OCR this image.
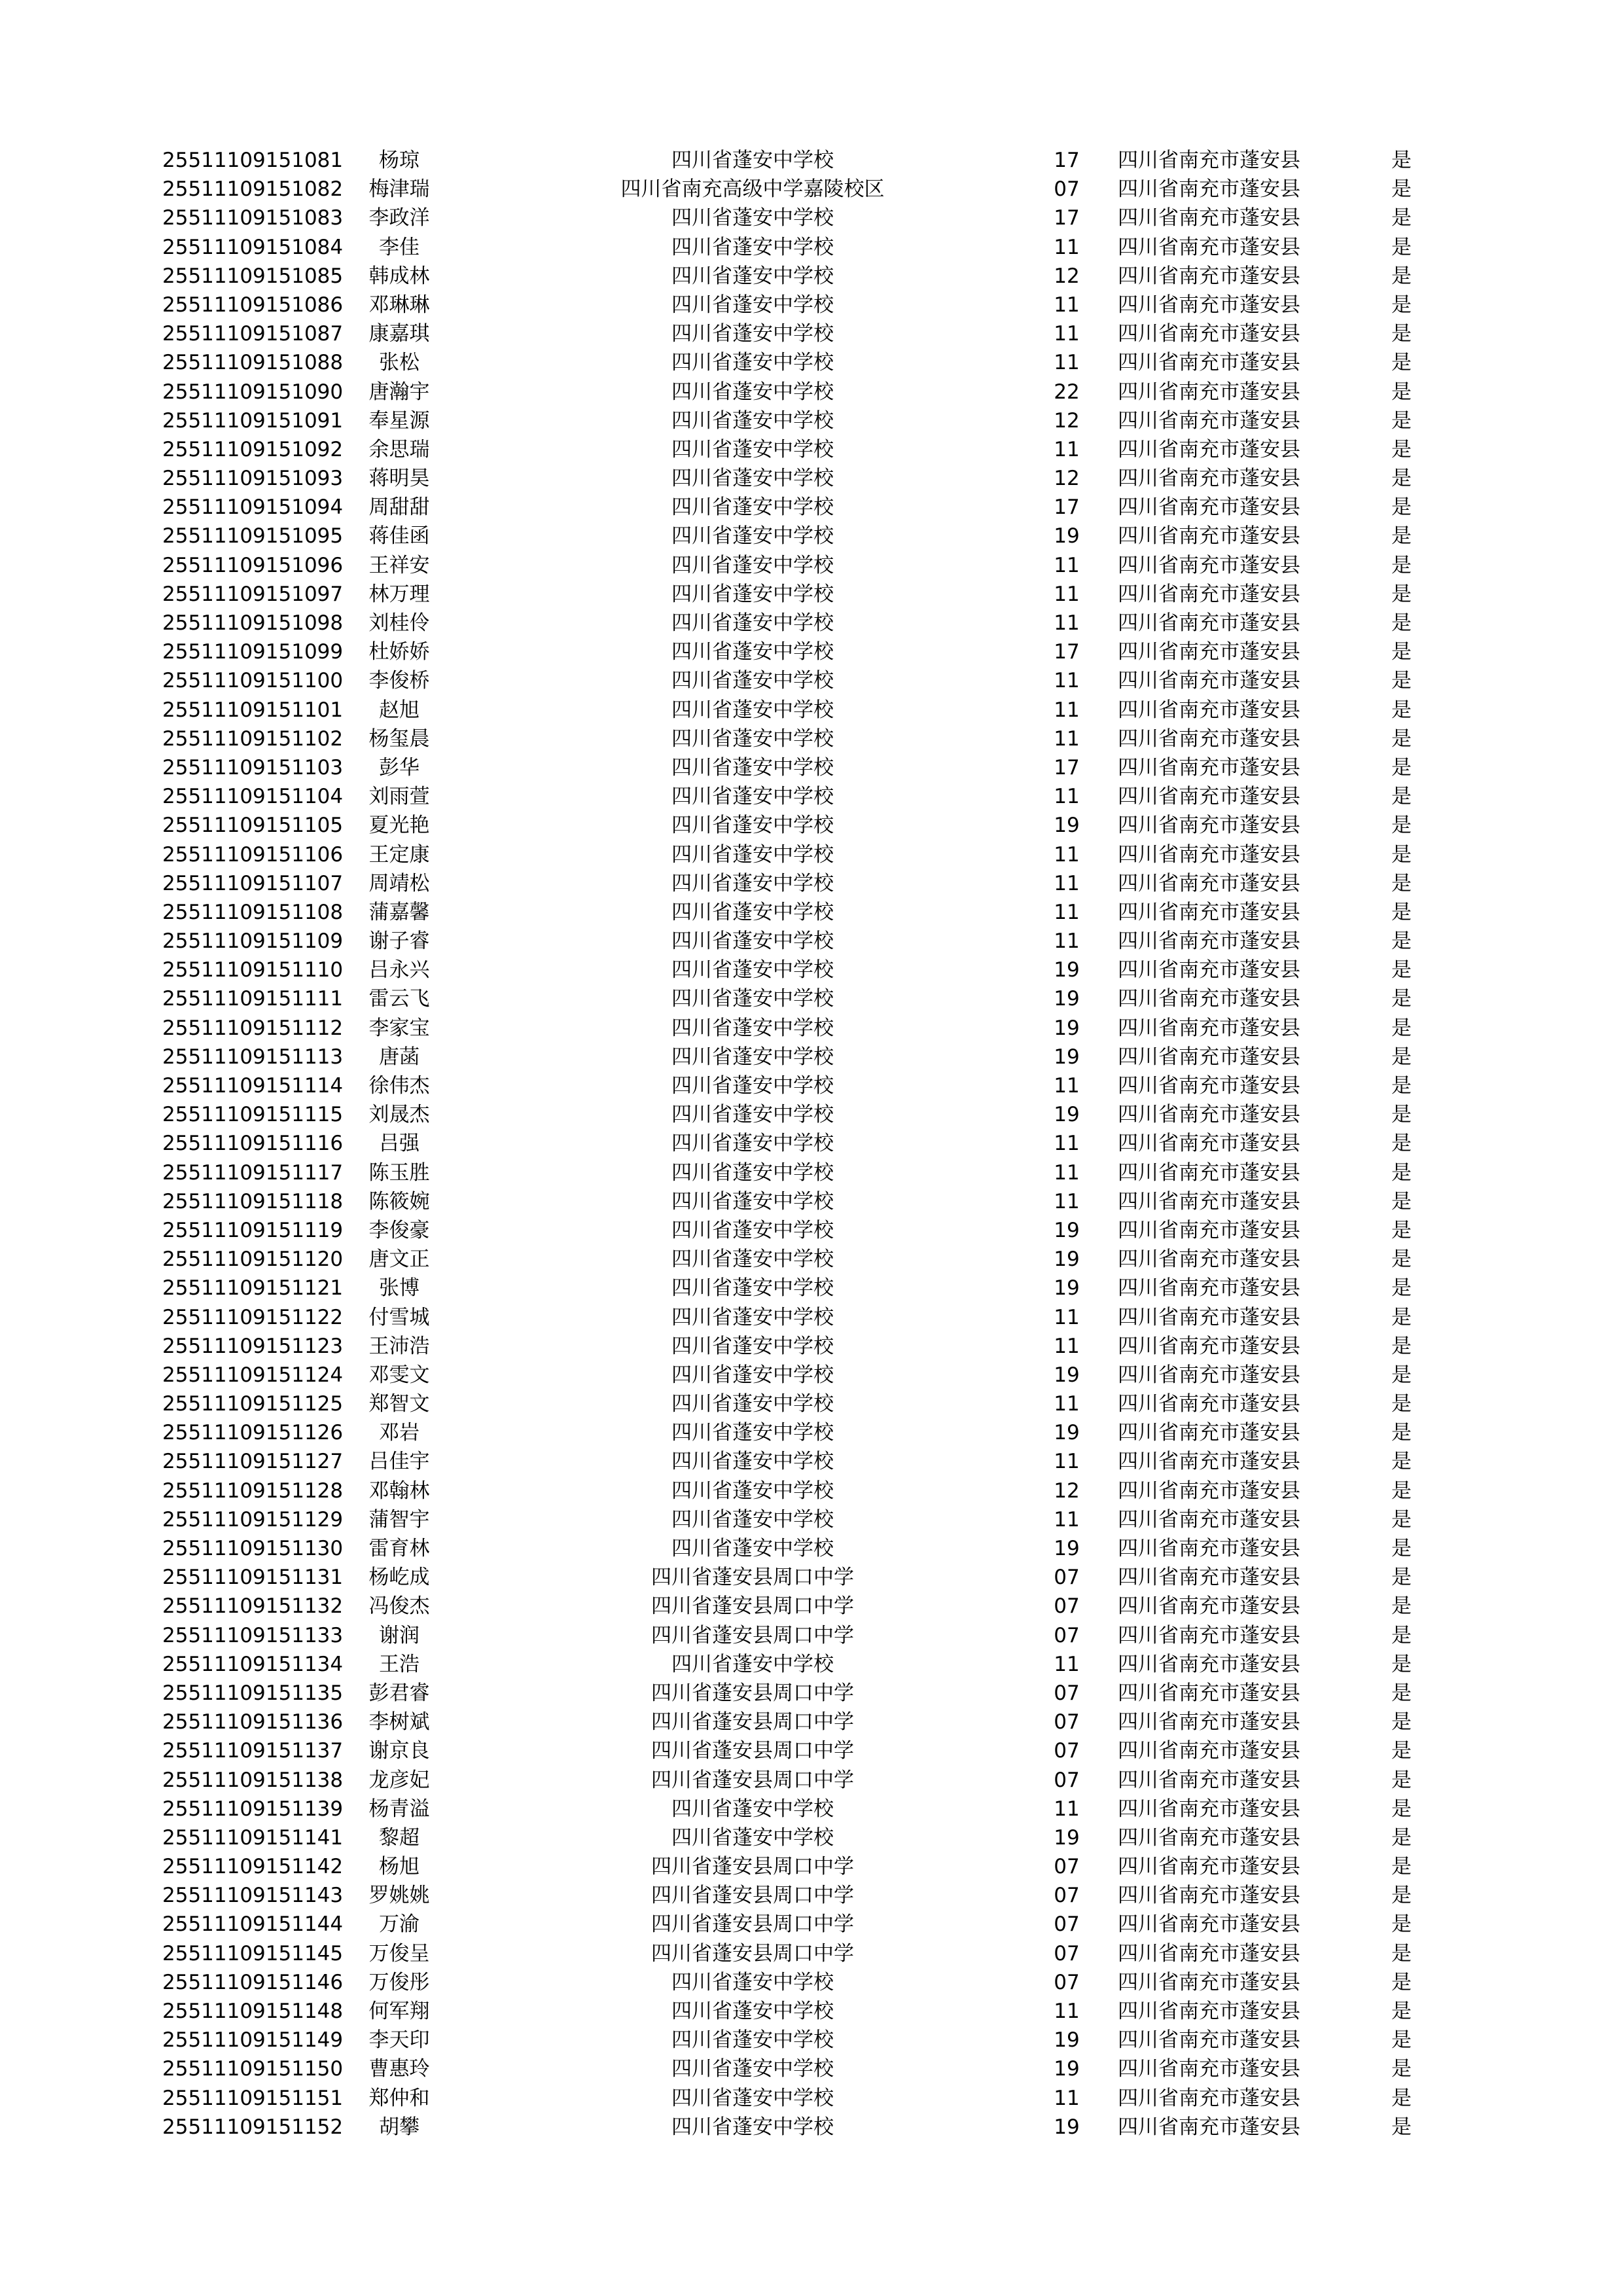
25511109151081	杨琼	四川省蓬安中学校	17	四川省南充市蓬安县	是
25511109151082	梅津瑞	四川省南充高级中学嘉陵校区	07	四川省南充市蓬安县	是
25511109151083	李政洋	四川省蓬安中学校	17	四川省南充市蓬安县	是
25511109151084	李佳	四川省蓬安中学校	11	四川省南充市蓬安县	是
25511109151085	韩成林	四川省蓬安中学校	12	四川省南充市蓬安县	是
25511109151086	邓琳琳	四川省蓬安中学校	11	四川省南充市蓬安县	是
25511109151087	康嘉琪	四川省蓬安中学校	11	四川省南充市蓬安县	是
25511109151088	张松	四川省蓬安中学校	11	四川省南充市蓬安县	是
25511109151090	唐瀚宇	四川省蓬安中学校	22	四川省南充市蓬安县	是
25511109151091	奉星源	四川省蓬安中学校	12	四川省南充市蓬安县	是
25511109151092	余思瑞	四川省蓬安中学校	11	四川省南充市蓬安县	是
25511109151093	蒋明昊	四川省蓬安中学校	12	四川省南充市蓬安县	是
25511109151094	周甜甜	四川省蓬安中学校	17	四川省南充市蓬安县	是
25511109151095	蒋佳函	四川省蓬安中学校	19	四川省南充市蓬安县	是
25511109151096	王祥安	四川省蓬安中学校	11	四川省南充市蓬安县	是
25511109151097	林万理	四川省蓬安中学校	11	四川省南充市蓬安县	是
25511109151098	刘桂伶	四川省蓬安中学校	11	四川省南充市蓬安县	是
25511109151099	杜娇娇	四川省蓬安中学校	17	四川省南充市蓬安县	是
25511109151100	李俊桥	四川省蓬安中学校	11	四川省南充市蓬安县	是
25511109151101	赵旭	四川省蓬安中学校	11	四川省南充市蓬安县	是
25511109151102	杨玺晨	四川省蓬安中学校	11	四川省南充市蓬安县	是
25511109151103	彭华	四川省蓬安中学校	17	四川省南充市蓬安县	是
25511109151104	刘雨萱	四川省蓬安中学校	11	四川省南充市蓬安县	是
25511109151105	夏光艳	四川省蓬安中学校	19	四川省南充市蓬安县	是
25511109151106	王定康	四川省蓬安中学校	11	四川省南充市蓬安县	是
25511109151107	周靖松	四川省蓬安中学校	11	四川省南充市蓬安县	是
25511109151108	蒲嘉馨	四川省蓬安中学校	11	四川省南充市蓬安县	是
25511109151109	谢子睿	四川省蓬安中学校	11	四川省南充市蓬安县	是
25511109151110	吕永兴	四川省蓬安中学校	19	四川省南充市蓬安县	是
25511109151111	雷云飞	四川省蓬安中学校	19	四川省南充市蓬安县	是
25511109151112	李家宝	四川省蓬安中学校	19	四川省南充市蓬安县	是
25511109151113	唐菡	四川省蓬安中学校	19	四川省南充市蓬安县	是
25511109151114	徐伟杰	四川省蓬安中学校	11	四川省南充市蓬安县	是
25511109151115	刘晟杰	四川省蓬安中学校	19	四川省南充市蓬安县	是
25511109151116	吕强	四川省蓬安中学校	11	四川省南充市蓬安县	是
25511109151117	陈玉胜	四川省蓬安中学校	11	四川省南充市蓬安县	是
25511109151118	陈筱婉	四川省蓬安中学校	11	四川省南充市蓬安县	是
25511109151119	李俊豪	四川省蓬安中学校	19	四川省南充市蓬安县	是
25511109151120	唐文正	四川省蓬安中学校	19	四川省南充市蓬安县	是
25511109151121	张博	四川省蓬安中学校	19	四川省南充市蓬安县	是
25511109151122	付雪城	四川省蓬安中学校	11	四川省南充市蓬安县	是
25511109151123	王沛浩	四川省蓬安中学校	11	四川省南充市蓬安县	是
25511109151124	邓雯文	四川省蓬安中学校	19	四川省南充市蓬安县	是
25511109151125	郑智文	四川省蓬安中学校	11	四川省南充市蓬安县	是
25511109151126	邓岩	四川省蓬安中学校	19	四川省南充市蓬安县	是
25511109151127	吕佳宇	四川省蓬安中学校	11	四川省南充市蓬安县	是
25511109151128	邓翰林	四川省蓬安中学校	12	四川省南充市蓬安县	是
25511109151129	蒲智宇	四川省蓬安中学校	11	四川省南充市蓬安县	是
25511109151130	雷育林	四川省蓬安中学校	19	四川省南充市蓬安县	是
25511109151131	杨屹成	四川省蓬安县周口中学	07	四川省南充市蓬安县	是
25511109151132	冯俊杰	四川省蓬安县周口中学	07	四川省南充市蓬安县	是
25511109151133	谢润	四川省蓬安县周口中学	07	四川省南充市蓬安县	是
25511109151134	王浩	四川省蓬安中学校	11	四川省南充市蓬安县	是
25511109151135	彭君睿	四川省蓬安县周口中学	07	四川省南充市蓬安县	是
25511109151136	李树斌	四川省蓬安县周口中学	07	四川省南充市蓬安县	是
25511109151137	谢京良	四川省蓬安县周口中学	07	四川省南充市蓬安县	是
25511109151138	龙彦妃	四川省蓬安县周口中学	07	四川省南充市蓬安县	是
25511109151139	杨青溢	四川省蓬安中学校	11	四川省南充市蓬安县	是
25511109151141	黎超	四川省蓬安中学校	19	四川省南充市蓬安县	是
25511109151142	杨旭	四川省蓬安县周口中学	07	四川省南充市蓬安县	是
25511109151143	罗姚姚	四川省蓬安县周口中学	07	四川省南充市蓬安县	是
25511109151144	万渝	四川省蓬安县周口中学	07	四川省南充市蓬安县	是
25511109151145	万俊呈	四川省蓬安县周口中学	07	四川省南充市蓬安县	是
25511109151146	万俊彤	四川省蓬安中学校	07	四川省南充市蓬安县	是
25511109151148	何军翔	四川省蓬安中学校	11	四川省南充市蓬安县	是
25511109151149	李天印	四川省蓬安中学校	19	四川省南充市蓬安县	是
25511109151150	曹惠玲	四川省蓬安中学校	19	四川省南充市蓬安县	是
25511109151151	郑仲和	四川省蓬安中学校	11	四川省南充市蓬安县	是
25511109151152	胡攀	四川省蓬安中学校	19	四川省南充市蓬安县	是
